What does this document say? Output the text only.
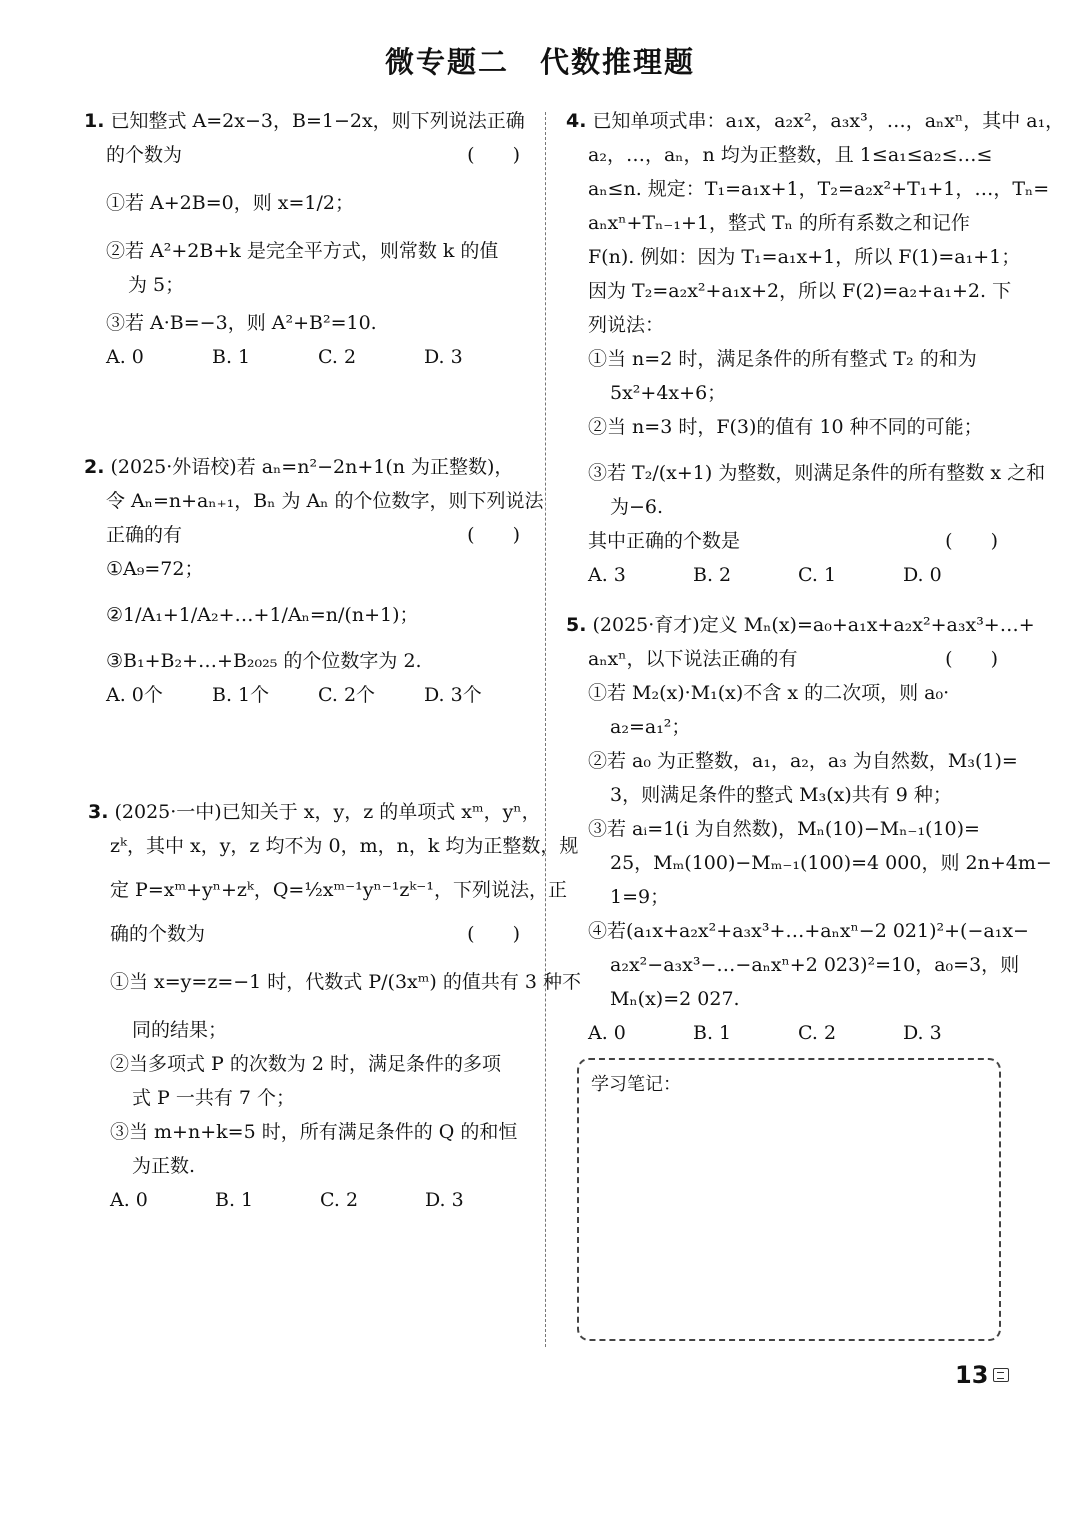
微专题二　代数推理题
1. 已知整式 A=2x−3，B=1−2x，则下列说法正确
的个数为	(　　)
①若 A+2B=0，则 x=1/2；
②若 A²+2B+k 是完全平方式，则常数 k 的值
为 5；
③若 A·B=−3，则 A²+B²=10.
A. 0	B. 1	C. 2	D. 3
2. (2025·外语校)若 aₙ=n²−2n+1(n 为正整数)，
令 Aₙ=n+aₙ₊₁，Bₙ 为 Aₙ 的个位数字，则下列说法
正确的有	(　　)
①A₉=72；
②1/A₁+1/A₂+…+1/Aₙ=n/(n+1)；
③B₁+B₂+…+B₂₀₂₅ 的个位数字为 2.
A. 0个	B. 1个	C. 2个	D. 3个
3. (2025·一中)已知关于 x，y，z 的单项式 xᵐ，yⁿ，
zᵏ，其中 x，y，z 均不为 0，m，n，k 均为正整数，规
定 P=xᵐ+yⁿ+zᵏ，Q=½xᵐ⁻¹yⁿ⁻¹zᵏ⁻¹，下列说法，正
确的个数为	(　　)
①当 x=y=z=−1 时，代数式 P/(3xᵐ) 的值共有 3 种不
同的结果；
②当多项式 P 的次数为 2 时，满足条件的多项
式 P 一共有 7 个；
③当 m+n+k=5 时，所有满足条件的 Q 的和恒
为正数.
A. 0	B. 1	C. 2	D. 3
4. 已知单项式串：a₁x，a₂x²，a₃x³，…，aₙxⁿ，其中 a₁，
a₂，…，aₙ，n 均为正整数，且 1≤a₁≤a₂≤…≤
aₙ≤n. 规定：T₁=a₁x+1，T₂=a₂x²+T₁+1，…，Tₙ=
aₙxⁿ+Tₙ₋₁+1，整式 Tₙ 的所有系数之和记作
F(n). 例如：因为 T₁=a₁x+1，所以 F(1)=a₁+1；
因为 T₂=a₂x²+a₁x+2，所以 F(2)=a₂+a₁+2. 下
列说法：
①当 n=2 时，满足条件的所有整式 T₂ 的和为
5x²+4x+6；
②当 n=3 时，F(3)的值有 10 种不同的可能；
③若 T₂/(x+1) 为整数，则满足条件的所有整数 x 之和
为−6.
其中正确的个数是	(　　)
A. 3	B. 2	C. 1	D. 0
5. (2025·育才)定义 Mₙ(x)=a₀+a₁x+a₂x²+a₃x³+…+
aₙxⁿ，以下说法正确的有	(　　)
①若 M₂(x)·M₁(x)不含 x 的二次项，则 a₀·
a₂=a₁²；
②若 a₀ 为正整数，a₁，a₂，a₃ 为自然数，M₃(1)=
3，则满足条件的整式 M₃(x)共有 9 种；
③若 aᵢ=1(i 为自然数)，Mₙ(10)−Mₙ₋₁(10)=
25，Mₘ(100)−Mₘ₋₁(100)=4 000，则 2n+4m−
1=9；
④若(a₁x+a₂x²+a₃x³+…+aₙxⁿ−2 021)²+(−a₁x−
a₂x²−a₃x³−…−aₙxⁿ+2 023)²=10，a₀=3，则
Mₙ(x)=2 027.
A. 0	B. 1	C. 2	D. 3
学习笔记：
13
